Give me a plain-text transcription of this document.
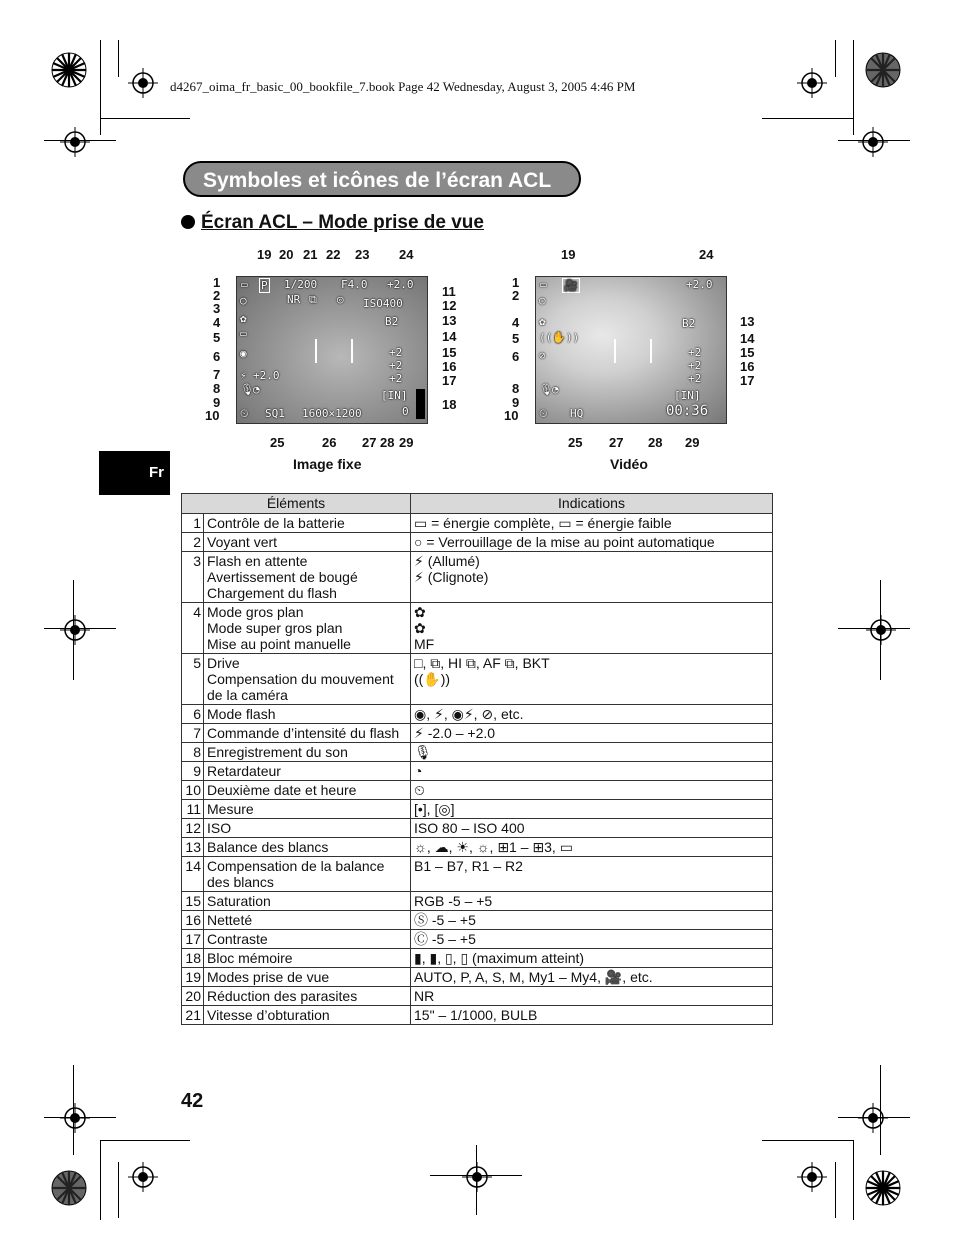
d4267_oima_fr_basic_00_bookfile_7.book Page 42 Wednesday, August 3, 2005 4:46 PM
Symboles et icônes de l’écran ACL
Écran ACL – Mode prise de vue
Fr
▭ P 1/200 F4.0 +2.0
○	NR ⧉ ◎ ISO400
✿	B2
▭
◉	+2
+2
+2
⚡ +2.0
🎙 ◔	[IN]
⏲ SQ1 1600×1200	0
19 20 21 22 23 24
1
2
3
4
5
6
7
8
9
10
11
12
13
14
15
16
17
18
25	26 27 28 29
Image fixe
▭ 🎥	+2.0
○
✿	B2
((✋))
⊘	+2
+2
+2
🎙 ◔	[IN]
00:36
⏲ HQ
19	24
1
2
4
5
6
8
9
10
13
14
15
16
17
25 27 28 29
Vidéo
Éléments		Indications
1	Contrôle de la batterie	▭ = énergie complète, ▭ = énergie faible

2	Voyant vert	○ = Verrouillage de la mise au point automatique

3	Flash en attente
Avertissement de bougé
Chargement du flash	⚡ (Allumé)
⚡ (Clignote)

4	Mode gros plan
Mode super gros plan
Mise au point manuelle	✿
✿
MF

5	Drive
Compensation du mouvement de la caméra	□, ⧉, HI ⧉, AF ⧉, BKT
((✋))

6	Mode flash	◉, ⚡, ◉⚡, ⊘, etc.

7	Commande d’intensité du flash	⚡ -2.0 – +2.0

8	Enregistrement du son	🎙

9	Retardateur	◔

10	Deuxième date et heure	⏲

11	Mesure	[•], [◎]

12	ISO	ISO 80 – ISO 400

13	Balance des blancs	☼, ☁, ☀, ☼, ⊞1 – ⊞3, ▭

14	Compensation de la balance des blancs	B1 – B7, R1 – R2

15	Saturation	RGB -5 – +5

16	Netteté	Ⓢ -5 – +5

17	Contraste	Ⓒ -5 – +5

18	Bloc mémoire	▮, ▮, ▯, ▯ (maximum atteint)

19	Modes prise de vue	AUTO, P, A, S, M, My1 – My4, 🎥, etc.

20	Réduction des parasites	NR

21	Vitesse d’obturation	15" – 1/1000, BULB
42
